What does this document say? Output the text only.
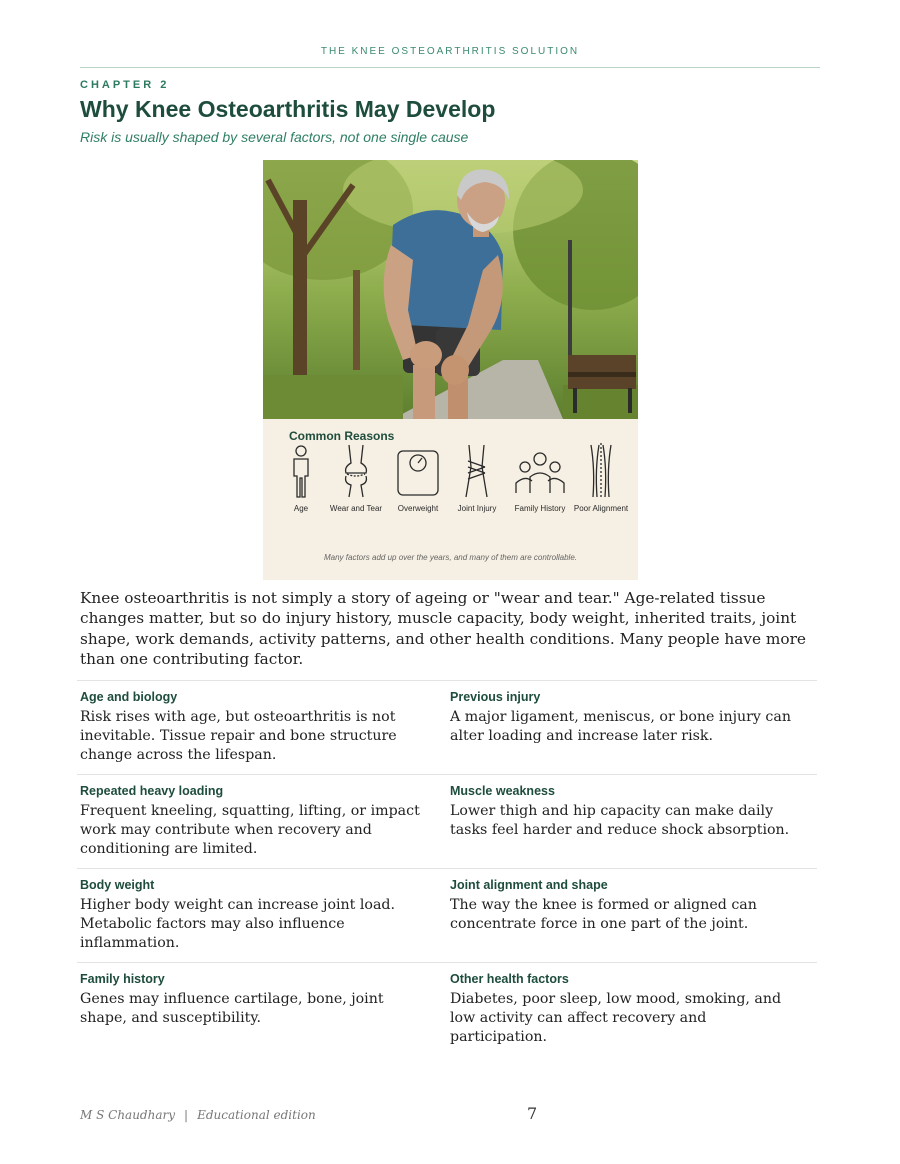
THE KNEE OSTEOARTHRITIS SOLUTION
CHAPTER 2
Why Knee Osteoarthritis May Develop
Risk is usually shaped by several factors, not one single cause
Common Reasons
Age	Wear and Tear	Overweight	Joint Injury	Family History	Poor Alignment
Many factors add up over the years, and many of them are controllable.

Knee osteoarthritis is not simply a story of ageing or "wear and tear." Age-related tissue changes matter, but so do injury history, muscle capacity, body weight, inherited traits, joint shape, work demands, activity patterns, and other health conditions. Many people have more than one contributing factor.

Age and biology
Risk rises with age, but osteoarthritis is not inevitable. Tissue repair and bone structure change across the lifespan.
Previous injury
A major ligament, meniscus, or bone injury can alter loading and increase later risk.
Repeated heavy loading
Frequent kneeling, squatting, lifting, or impact work may contribute when recovery and conditioning are limited.
Muscle weakness
Lower thigh and hip capacity can make daily tasks feel harder and reduce shock absorption.
Body weight
Higher body weight can increase joint load. Metabolic factors may also influence inflammation.
Joint alignment and shape
The way the knee is formed or aligned can concentrate force in one part of the joint.
Family history
Genes may influence cartilage, bone, joint shape, and susceptibility.
Other health factors
Diabetes, poor sleep, low mood, smoking, and low activity can affect recovery and participation.
M S Chaudhary | Educational edition	7
